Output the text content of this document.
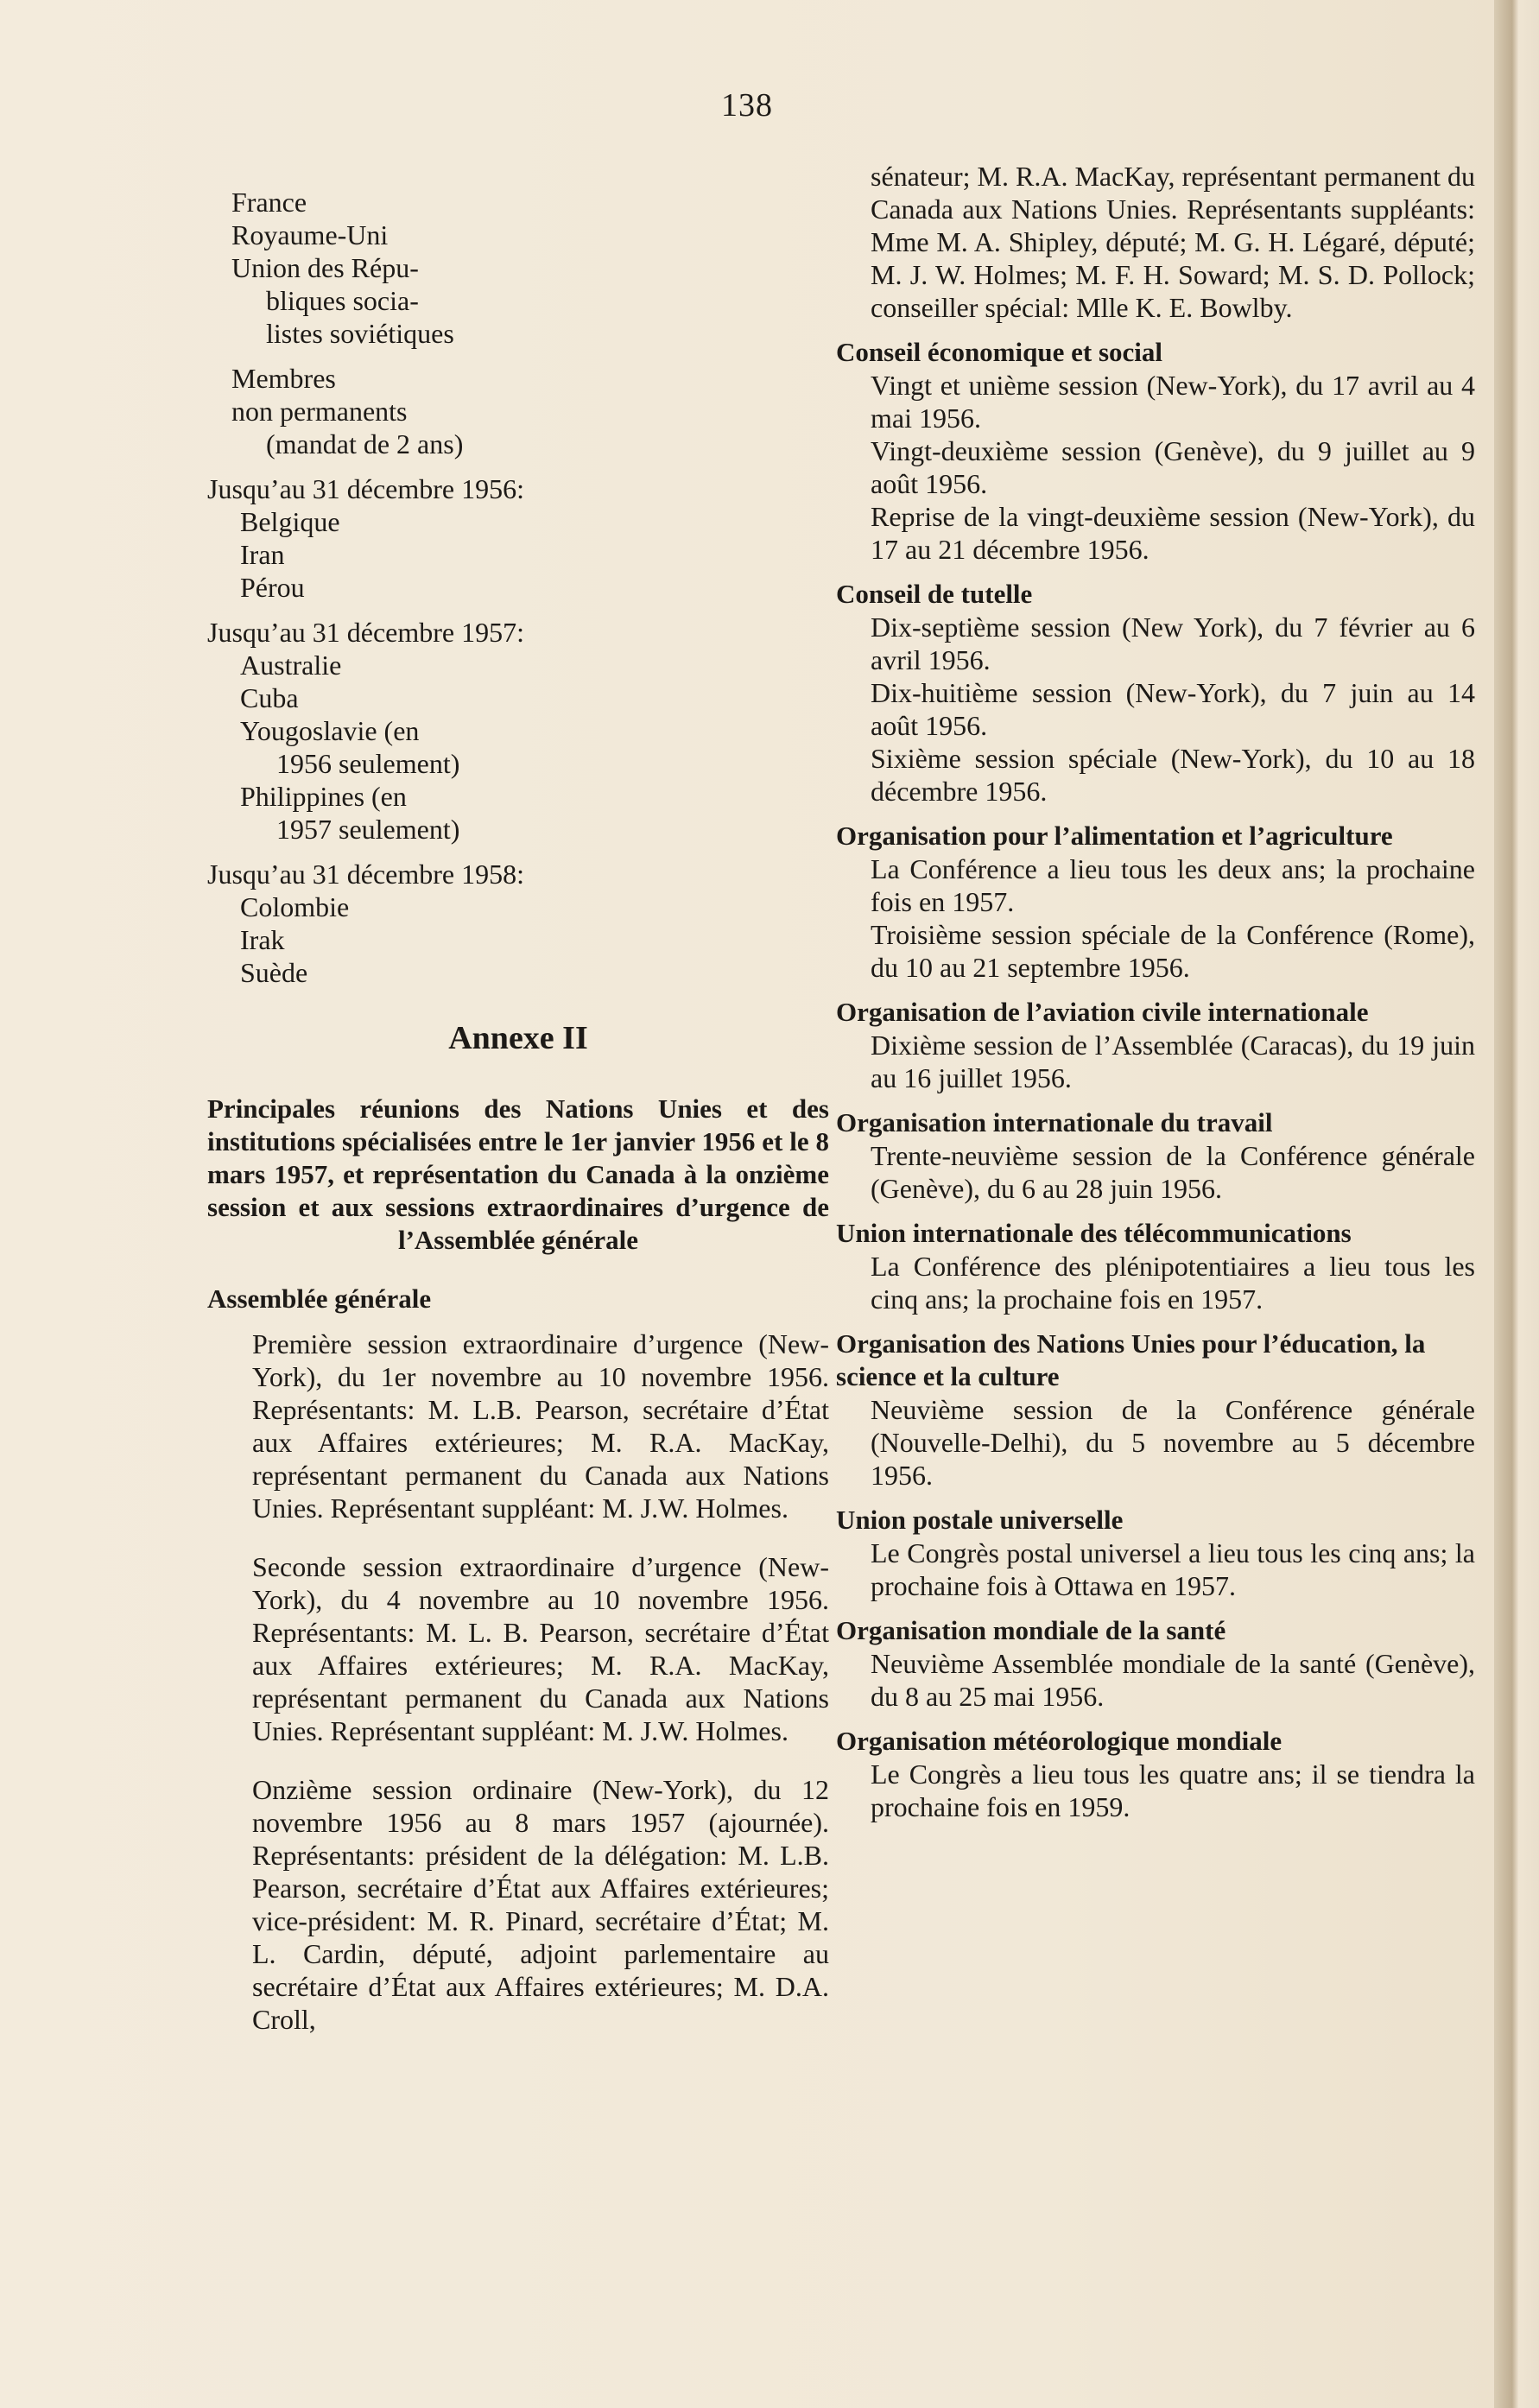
138
France
Royaume-Uni
Union des Répu-
bliques socia-
listes soviétiques
Membres
non permanents
(mandat de 2 ans)
Jusqu’au 31 décembre 1956:
Belgique
Iran
Pérou
Jusqu’au 31 décembre 1957:
Australie
Cuba
Yougoslavie (en
1956 seulement)
Philippines (en
1957 seulement)
Jusqu’au 31 décembre 1958:
Colombie
Irak
Suède
Annexe II
Principales réunions des Nations Unies et des institutions spécialisées entre le 1er janvier 1956 et le 8 mars 1957, et représentation du Canada à la onzième session et aux sessions extraordinaires d’urgence de l’Assemblée générale
Assemblée générale
Première session extraordinaire d’urgence (New-York), du 1er novembre au 10 novembre 1956. Représentants: M. L.B. Pearson, secrétaire d’État aux Affaires extérieures; M. R.A. MacKay, représentant permanent du Canada aux Nations Unies. Représentant suppléant: M. J.W. Holmes.
Seconde session extraordinaire d’urgence (New-York), du 4 novembre au 10 novembre 1956. Représentants: M. L. B. Pearson, secrétaire d’État aux Affaires extérieures; M. R.A. MacKay, représentant permanent du Canada aux Nations Unies. Représentant suppléant: M. J.W. Holmes.
Onzième session ordinaire (New-York), du 12 novembre 1956 au 8 mars 1957 (ajournée). Représentants: président de la délégation: M. L.B. Pearson, secrétaire d’État aux Affaires extérieures; vice-président: M. R. Pinard, secrétaire d’État; M. L. Cardin, député, adjoint parlementaire au secrétaire d’État aux Affaires extérieures; M. D.A. Croll,
sénateur; M. R.A. MacKay, représentant permanent du Canada aux Nations Unies. Représentants suppléants: Mme M. A. Shipley, député; M. G. H. Légaré, député; M. J. W. Holmes; M. F. H. Soward; M. S. D. Pollock; conseiller spécial: Mlle K. E. Bowlby.
Conseil économique et social
Vingt et unième session (New-York), du 17 avril au 4 mai 1956.
Vingt-deuxième session (Genève), du 9 juillet au 9 août 1956.
Reprise de la vingt-deuxième session (New-York), du 17 au 21 décembre 1956.
Conseil de tutelle
Dix-septième session (New York), du 7 février au 6 avril 1956.
Dix-huitième session (New-York), du 7 juin au 14 août 1956.
Sixième session spéciale (New-York), du 10 au 18 décembre 1956.
Organisation pour l’alimentation et l’agriculture
La Conférence a lieu tous les deux ans; la prochaine fois en 1957.
Troisième session spéciale de la Conférence (Rome), du 10 au 21 septembre 1956.
Organisation de l’aviation civile internationale
Dixième session de l’Assemblée (Caracas), du 19 juin au 16 juillet 1956.
Organisation internationale du travail
Trente-neuvième session de la Conférence générale (Genève), du 6 au 28 juin 1956.
Union internationale des télécommunications
La Conférence des plénipotentiaires a lieu tous les cinq ans; la prochaine fois en 1957.
Organisation des Nations Unies pour l’éducation, la science et la culture
Neuvième session de la Conférence générale (Nouvelle-Delhi), du 5 novembre au 5 décembre 1956.
Union postale universelle
Le Congrès postal universel a lieu tous les cinq ans; la prochaine fois à Ottawa en 1957.
Organisation mondiale de la santé
Neuvième Assemblée mondiale de la santé (Genève), du 8 au 25 mai 1956.
Organisation météorologique mondiale
Le Congrès a lieu tous les quatre ans; il se tiendra la prochaine fois en 1959.
